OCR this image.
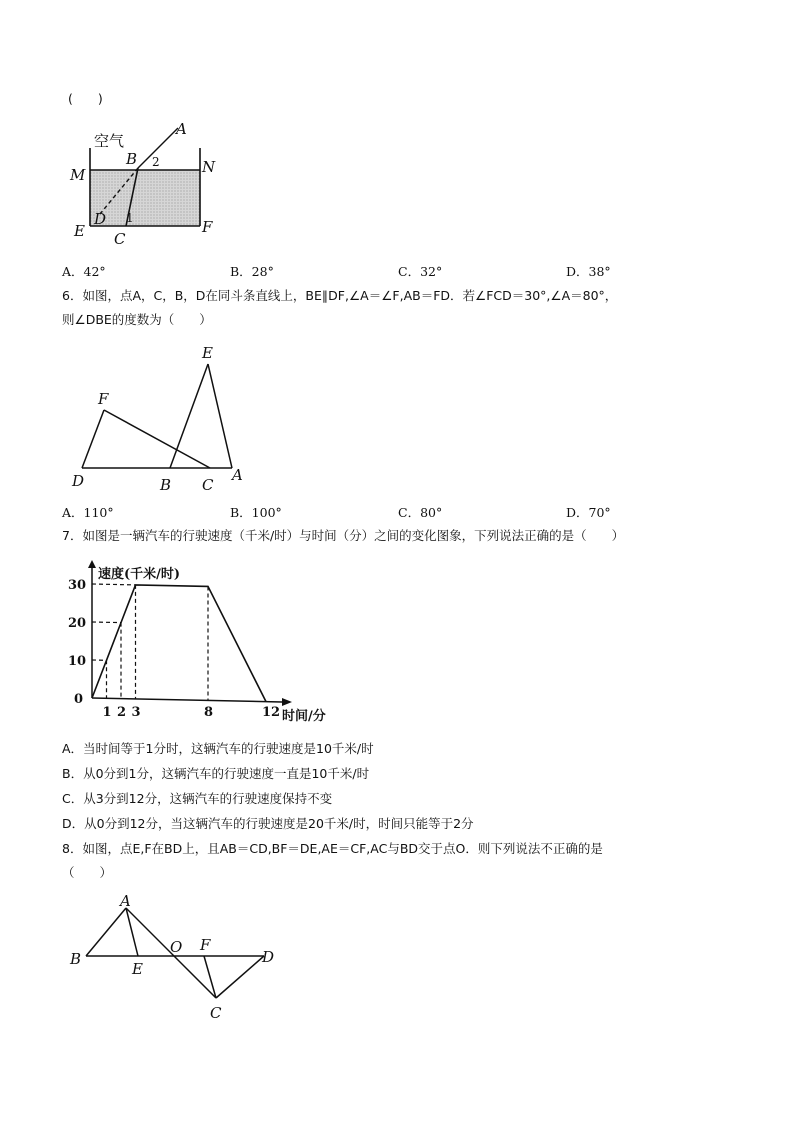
(　　)
空气
A
B 2
M	N
D 1
E C
F
A．42°	B．28°	C．32°	D．38°
6．如图，点A，C，B，D在同斗条直线上，BE∥DF,∠A＝∠F,AB＝FD．若∠FCD＝30°,∠A＝80°，
则∠DBE的度数为（　　）
E
F
D	B C
A
A．110°	B．100°	C．80°	D．70°
7．如图是一辆汽车的行驶速度（千米/时）与时间（分）之间的变化图象，下列说法正确的是（　　）
1 2 3	8	12
0
10
20
30
速度(千米/时)
时间/分
A．当时间等于1分时，这辆汽车的行驶速度是10千米/时
B．从0分到1分，这辆汽车的行驶速度一直是10千米/时
C．从3分到12分，这辆汽车的行驶速度保持不变
D．从0分到12分，当这辆汽车的行驶速度是20千米/时，时间只能等于2分
8．如图，点E,F在BD上，且AB＝CD,BF＝DE,AE＝CF,AC与BD交于点O．则下列说法不正确的是
（　　）
A
B
E
O F
D
C
